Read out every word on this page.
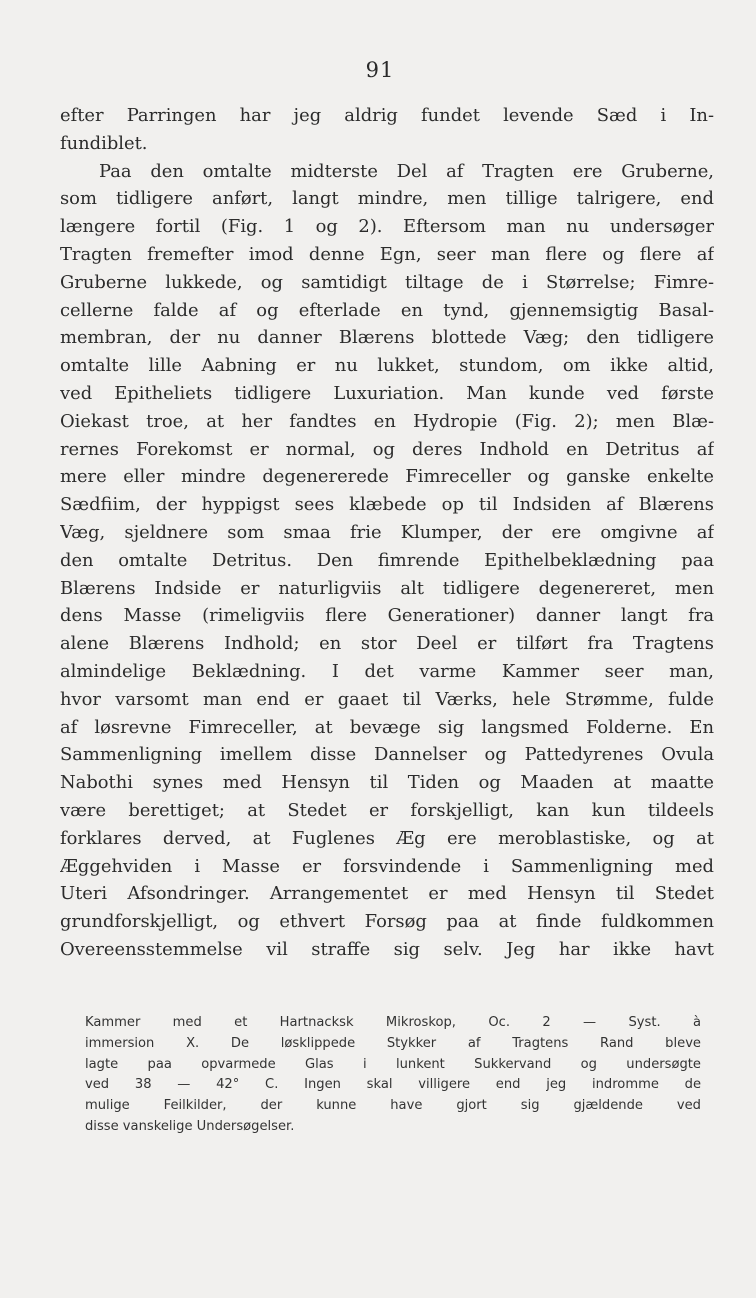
91
efter Parringen har jeg aldrig fundet levende Sæd i In-
fundiblet.
Paa den omtalte midterste Del af Tragten ere Gruberne,
som tidligere anført, langt mindre, men tillige talrigere, end
længere fortil (Fig. 1 og 2). Eftersom man nu undersøger
Tragten fremefter imod denne Egn, seer man flere og flere af
Gruberne lukkede, og samtidigt tiltage de i Størrelse; Fimre-
cellerne falde af og efterlade en tynd, gjennemsigtig Basal-
membran, der nu danner Blærens blottede Væg; den tidligere
omtalte lille Aabning er nu lukket, stundom, om ikke altid,
ved Epitheliets tidligere Luxuriation. Man kunde ved første
Oiekast troe, at her fandtes en Hydropie (Fig. 2); men Blæ-
rernes Forekomst er normal, og deres Indhold en Detritus af
mere eller mindre degenererede Fimreceller og ganske enkelte
Sædfiim, der hyppigst sees klæbede op til Indsiden af Blærens
Væg, sjeldnere som smaa frie Klumper, der ere omgivne af
den omtalte Detritus. Den fimrende Epithelbeklædning paa
Blærens Indside er naturligviis alt tidligere degenereret, men
dens Masse (rimeligviis flere Generationer) danner langt fra
alene Blærens Indhold; en stor Deel er tilført fra Tragtens
almindelige Beklædning. I det varme Kammer seer man,
hvor varsomt man end er gaaet til Værks, hele Strømme, fulde
af løsrevne Fimreceller, at bevæge sig langsmed Folderne. En
Sammenligning imellem disse Dannelser og Pattedyrenes Ovula
Nabothi synes med Hensyn til Tiden og Maaden at maatte
være berettiget; at Stedet er forskjelligt, kan kun tildeels
forklares derved, at Fuglenes Æg ere meroblastiske, og at
Æggehviden i Masse er forsvindende i Sammenligning med
Uteri Afsondringer. Arrangementet er med Hensyn til Stedet
grundforskjelligt, og ethvert Forsøg paa at finde fuldkommen
Overeensstemmelse vil straffe sig selv. Jeg har ikke havt
Kammer med et Hartnacksk Mikroskop, Oc. 2 — Syst. à
immersion X. De løsklippede Stykker af Tragtens Rand bleve
lagte paa opvarmede Glas i lunkent Sukkervand og undersøgte
ved 38 — 42° C. Ingen skal villigere end jeg indromme de
mulige Feilkilder, der kunne have gjort sig gjældende ved
disse vanskelige Undersøgelser.
